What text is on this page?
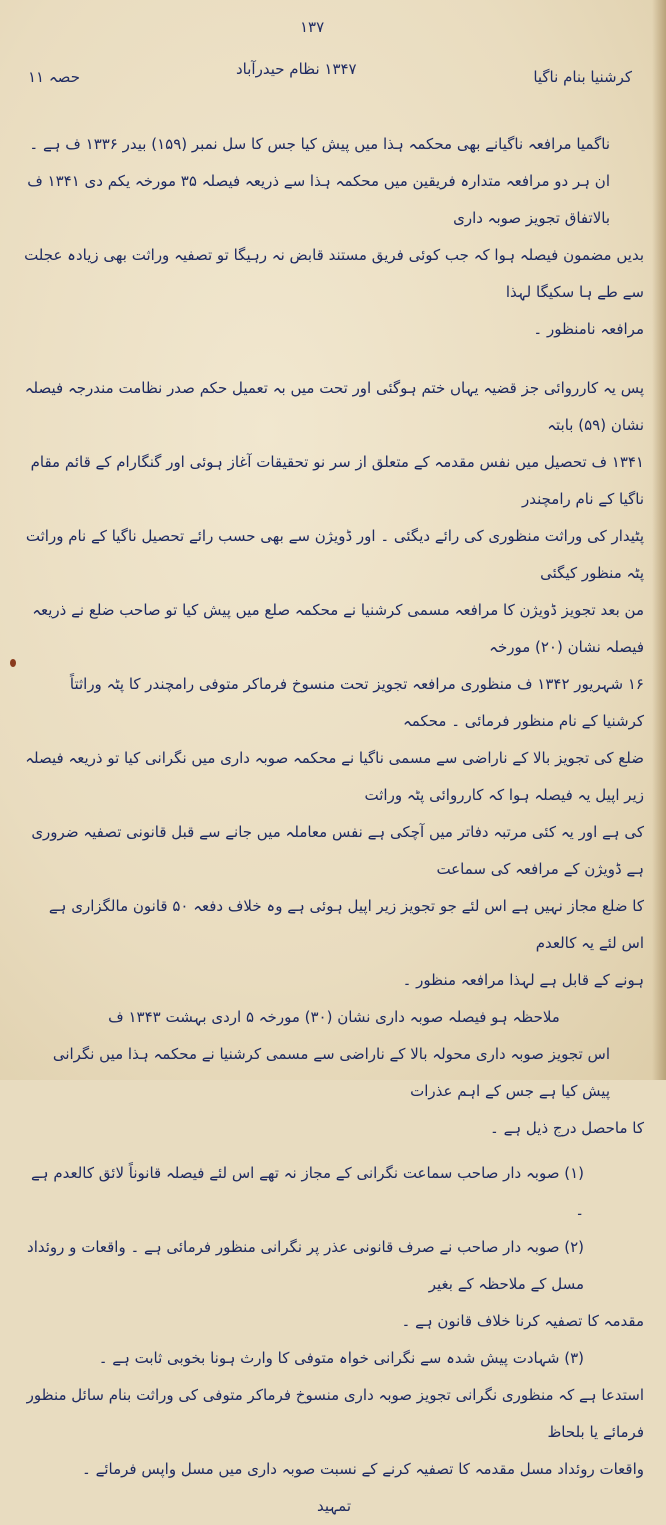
۱۳۷
کرشنیا بنام ناگیا
۱۳۴۷ نظام حیدرآباد
حصہ ۱۱

ناگمیا مرافعہ ناگیانے بھی محکمہ ہذا میں پیش کیا جس کا سل نمبر (۱۵۹) بیدر ۱۳۳۶ ف ہے ۔

ان ہر دو مرافعہ متدارہ فریقین میں محکمہ ہذا سے ذریعہ فیصلہ ۳۵ مورخہ یکم دی ۱۳۴۱ ف بالاتفاق تجویز صوبہ داری

بدیں مضمون فیصلہ ہوا کہ جب کوئی فریق مستند قابض نہ رہیگا تو تصفیہ وراثت بھی زیادہ عجلت سے طے ہا سکیگا لہذا

مرافعہ نامنظور ۔

پس یہ کارروائی جز قضیہ یہاں ختم ہوگئی اور تحت میں بہ تعمیل حکم صدر نظامت مندرجہ فیصلہ نشان (۵۹) بابتہ

۱۳۴۱ ف تحصیل میں نفس مقدمہ کے متعلق از سر نو تحقیقات آغاز ہوئی اور گنگارام کے قائم مقام ناگیا کے نام رامچندر

پٹیدار کی وراثت منظوری کی رائے دیگئی ۔ اور ڈویژن سے بھی حسب رائے تحصیل ناگیا کے نام وراثت پٹہ منظور کیگئی

من بعد تجویز ڈویژن کا مرافعہ مسمی کرشنیا نے محکمہ صلع میں پیش کیا تو صاحب ضلع نے ذریعہ فیصلہ نشان (۲۰) مورخہ

۱۶ شہریور ۱۳۴۲ ف منظوری مرافعہ تجویز تحت منسوخ فرماکر متوفی رامچندر کا پٹہ وراثتاً کرشنیا کے نام منظور فرمائی ۔ محکمہ

ضلع کی تجویز بالا کے ناراضی سے مسمی ناگیا نے محکمہ صوبہ داری میں نگرانی کیا تو ذریعہ فیصلہ زیر اپیل یہ فیصلہ ہوا کہ کارروائی پٹہ وراثت

کی ہے اور یہ کئی مرتبہ دفاتر میں آچکی ہے نفس معاملہ میں جانے سے قبل قانونی تصفیہ ضروری ہے ڈویژن کے مرافعہ کی سماعت

کا ضلع مجاز نہیں ہے اس لئے جو تجویز زیر اپیل ہوئی ہے وہ خلاف دفعہ ۵۰ قانون مالگزاری ہے اس لئے یہ کالعدم

ہونے کے قابل ہے لہذا مرافعہ منظور ۔

ملاحظہ ہو فیصلہ صوبہ داری نشان (۳۰) مورخہ ۵ اردی بہشت ۱۳۴۳ ف

اس تجویز صوبہ داری محولہ بالا کے ناراضی سے مسمی کرشنیا نے محکمہ ہذا میں نگرانی پیش کیا ہے جس کے اہم عذرات

کا ماحصل درج ذیل ہے ۔

(۱) صوبہ دار صاحب سماعت نگرانی کے مجاز نہ تھے اس لئے فیصلہ قانوناً لائق کالعدم ہے ۔

(۲) صوبہ دار صاحب نے صرف قانونی عذر پر نگرانی منظور فرمائی ہے ۔ واقعات و روئداد مسل کے ملاحظہ کے بغیر

مقدمہ کا تصفیہ کرنا خلاف قانون ہے ۔

(۳) شہادت پیش شدہ سے نگرانی خواہ متوفی کا وارث ہونا بخوبی ثابت ہے ۔

استدعا ہے کہ منظوری نگرانی تجویز صوبہ داری منسوخ فرماکر متوفی کی وراثت بنام سائل منظور فرمائے یا بلحاظ

واقعات روئداد مسل مقدمہ کا تصفیہ کرنے کے نسبت صوبہ داری میں مسل واپس فرمائے ۔

تمہید
